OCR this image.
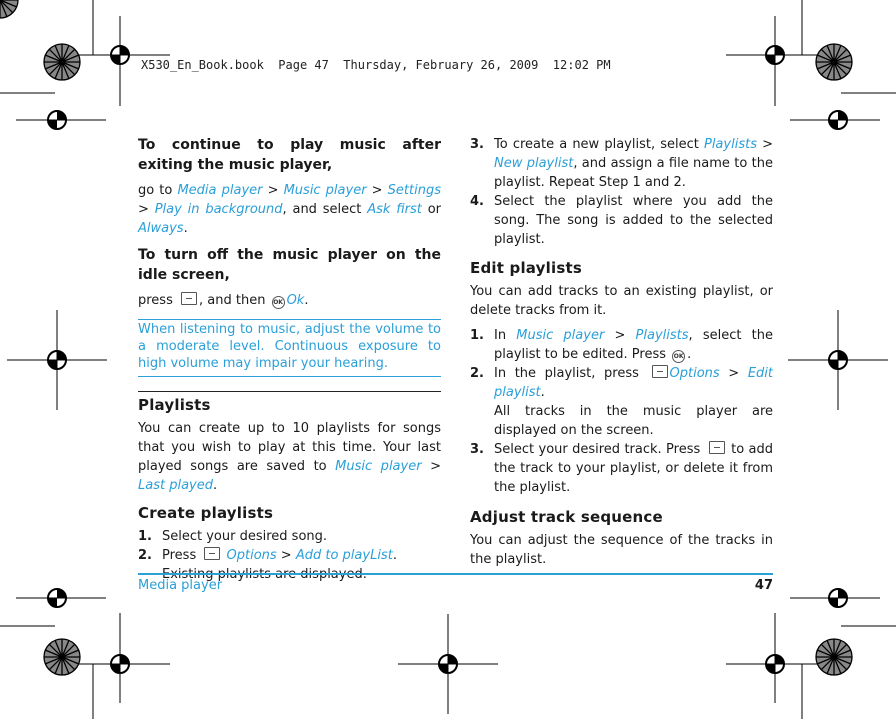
X530_En_Book.book  Page 47  Thursday, February 26, 2009  12:02 PM

To continue to play music after exiting the music player,

go to Media player > Music player > Settings > Play in background, and select Ask first or Always.

To turn off the music player on the idle screen,

press , and then OK Ok.

When listening to music, adjust the volume to a moderate level. Continuous exposure to high volume may impair your hearing.

Playlists

You can create up to 10 playlists for songs that you wish to play at this time. Your last played songs are saved to Music player > Last played.

Create playlists

1. Select your desired song.
2. Press Options > Add to playList.

3. To create a new playlist, select Playlists > New playlist, and assign a file name to the playlist. Repeat Step 1 and 2.
4. Select the playlist where you add the song. The song is added to the selected playlist.

Edit playlists

You can add tracks to an existing playlist, or delete tracks from it.

1. In Music player > Playlists, select the playlist to be edited. Press OK .
2. In the playlist, press Options > Edit playlist.
All tracks in the music player are displayed on the screen.
3. Select your desired track. Press to add the track to your playlist, or delete it from the playlist.

Adjust track sequence

You can adjust the sequence of the tracks in the playlist.

Media player	47
